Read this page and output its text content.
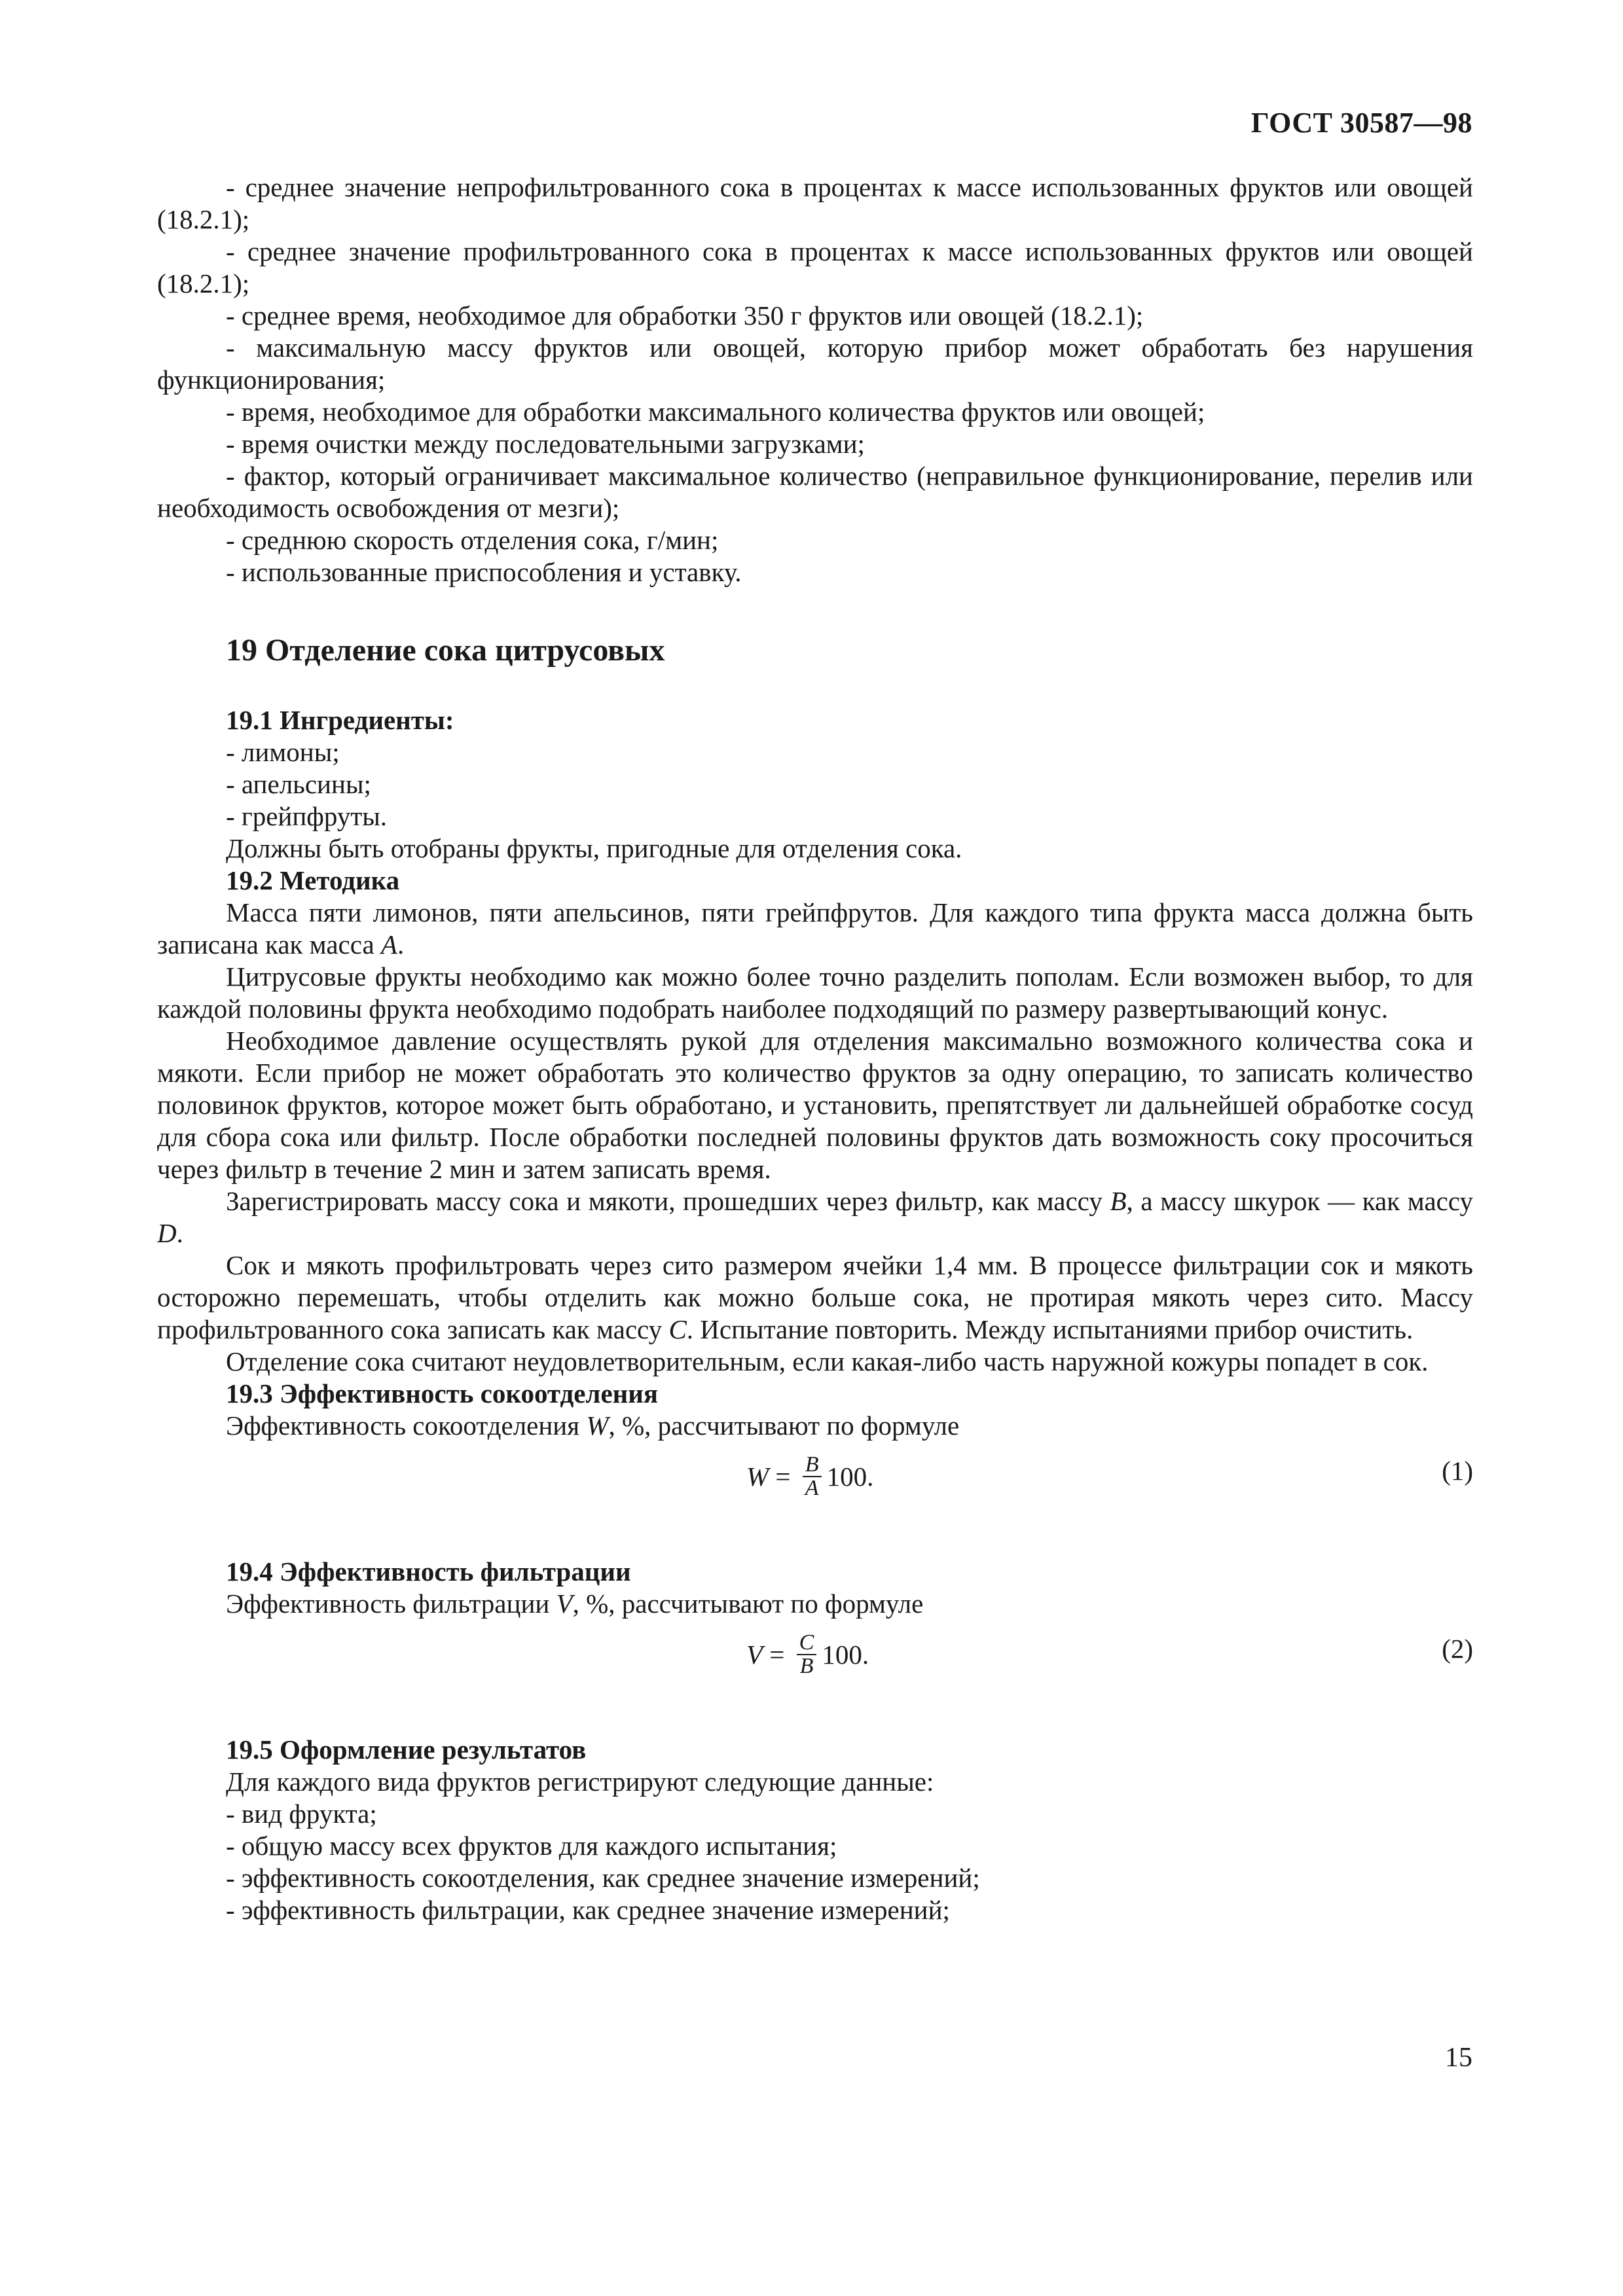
ГОСТ 30587—98

- среднее значение непрофильтрованного сока в процентах к массе использованных фруктов или овощей (18.2.1);

- среднее значение профильтрованного сока в процентах к массе использованных фруктов или овощей (18.2.1);

- среднее время, необходимое для обработки 350 г фруктов или овощей (18.2.1);

- максимальную массу фруктов или овощей, которую прибор может обработать без нарушения функционирования;

- время, необходимое для обработки максимального количества фруктов или овощей;

- время очистки между последовательными загрузками;

- фактор, который ограничивает максимальное количество (неправильное функционирование, перелив или необходимость освобождения от мезги);

- среднюю скорость отделения сока, г/мин;

- использованные приспособления и уставку.

19 Отделение сока цитрусовых
19.1 Ингредиенты:

- лимоны;

- апельсины;

- грейпфруты.

Должны быть отобраны фрукты, пригодные для отделения сока.

19.2 Методика

Масса пяти лимонов, пяти апельсинов, пяти грейпфрутов. Для каждого типа фрукта масса должна быть записана как масса А.

Цитрусовые фрукты необходимо как можно более точно разделить пополам. Если возможен выбор, то для каждой половины фрукта необходимо подобрать наиболее подходящий по размеру развертывающий конус.

Необходимое давление осуществлять рукой для отделения максимально возможного количества сока и мякоти. Если прибор не может обработать это количество фруктов за одну операцию, то записать количество половинок фруктов, которое может быть обработано, и установить, препятствует ли дальнейшей обработке сосуд для сбора сока или фильтр. После обработки последней половины фруктов дать возможность соку просочиться через фильтр в течение 2 мин и затем записать время.

Зарегистрировать массу сока и мякоти, прошедших через фильтр, как массу В, а массу шкурок — как массу D.

Сок и мякоть профильтровать через сито размером ячейки 1,4 мм. В процессе фильтрации сок и мякоть осторожно перемешать, чтобы отделить как можно больше сока, не протирая мякоть через сито. Массу профильтрованного сока записать как массу С. Испытание повторить. Между испытаниями прибор очистить.

Отделение сока считают неудовлетворительным, если какая-либо часть наружной кожуры попадет в сок.

19.3 Эффективность сокоотделения

Эффективность сокоотделения W, %, рассчитывают по формуле

$W = \frac{B}{A} 100$.	(1)
19.4 Эффективность фильтрации

Эффективность фильтрации V, %, рассчитывают по формуле

$V = \frac{C}{B} 100$.	(2)
19.5 Оформление результатов

Для каждого вида фруктов регистрируют следующие данные:

- вид фрукта;

- общую массу всех фруктов для каждого испытания;

- эффективность сокоотделения, как среднее значение измерений;

- эффективность фильтрации, как среднее значение измерений;

15
